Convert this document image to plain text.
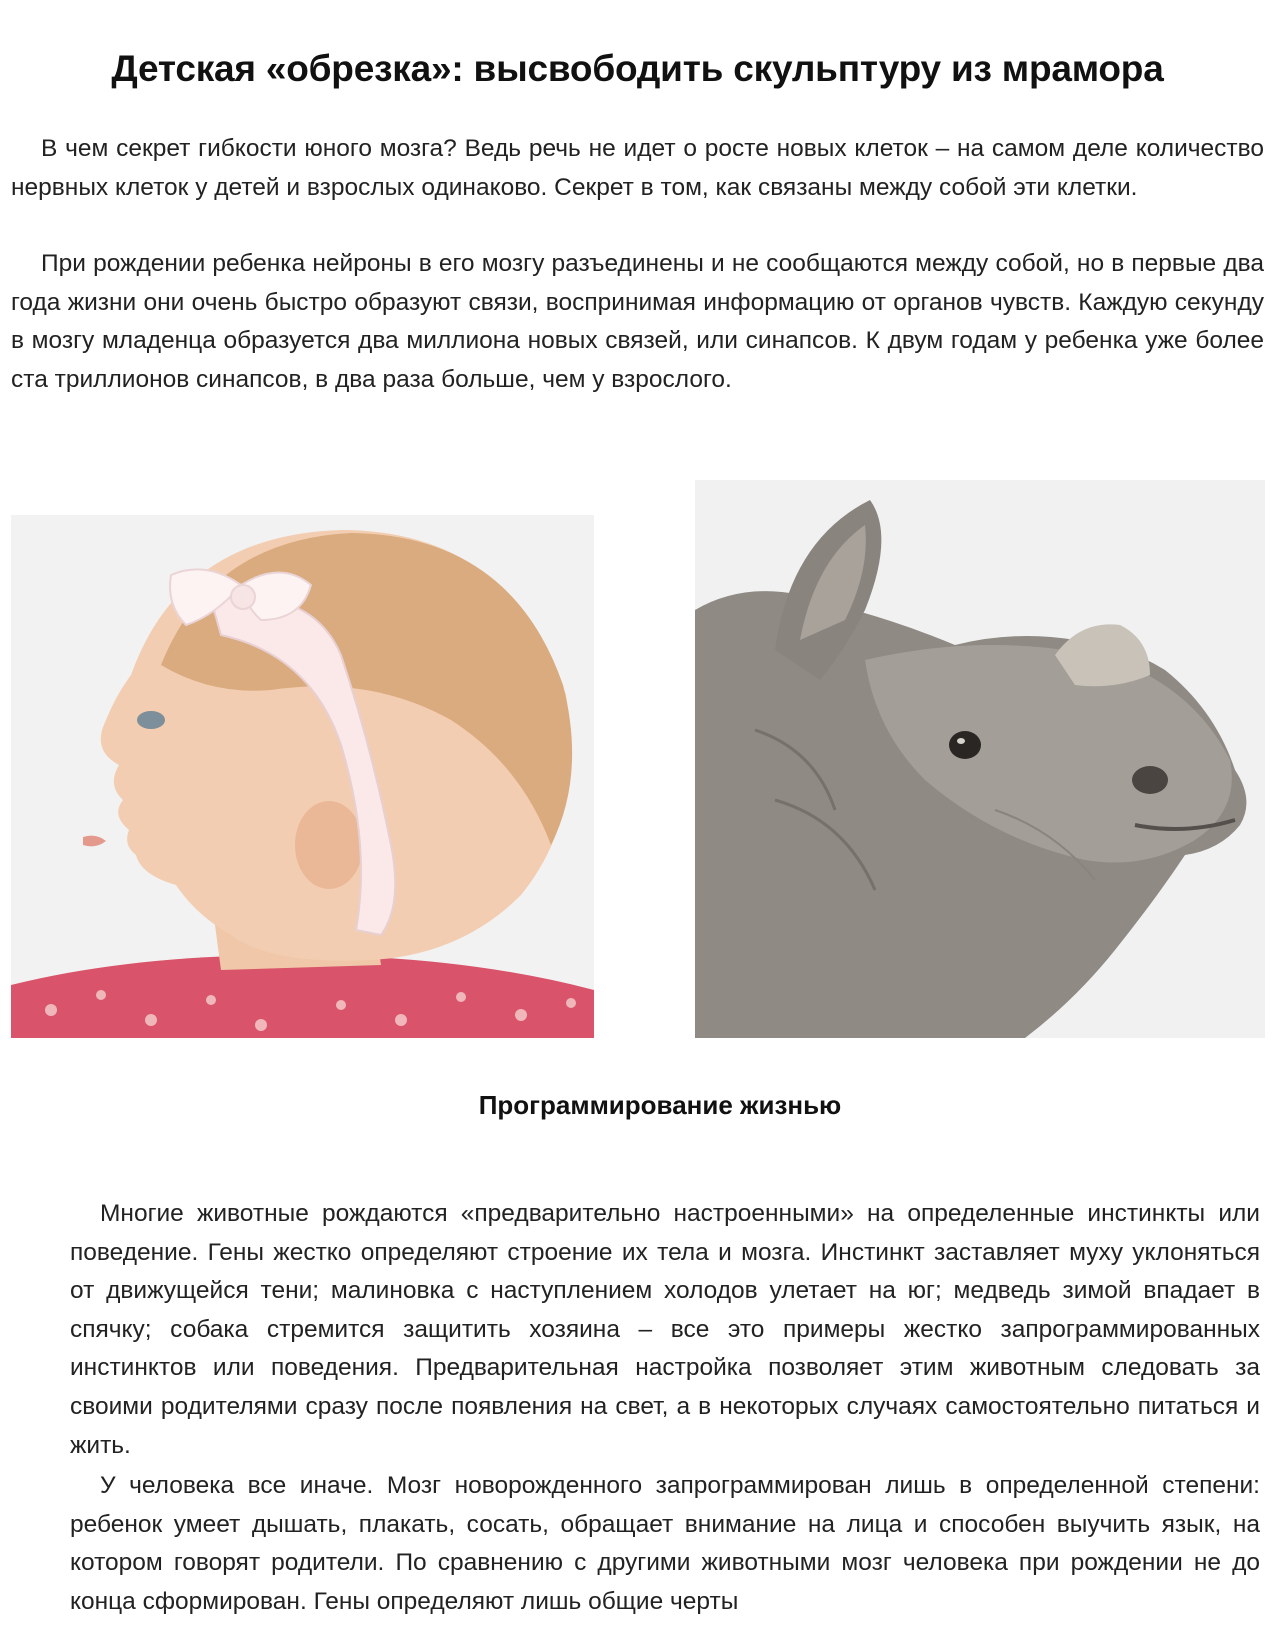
Детская «обрезка»: высвободить скульптуру из мрамора

В чем секрет гибкости юного мозга? Ведь речь не идет о росте новых клеток – на самом деле количество нервных клеток у детей и взрослых одинаково. Секрет в том, как связаны между собой эти клетки.

При рождении ребенка нейроны в его мозгу разъединены и не сообщаются между собой, но в первые два года жизни они очень быстро образуют связи, воспринимая информацию от органов чувств. Каждую секунду в мозгу младенца образуется два миллиона новых связей, или синапсов. К двум годам у ребенка уже более ста триллионов синапсов, в два раза больше, чем у взрослого.

Программирование жизнью

Многие животные рождаются «предварительно настроенными» на определенные инстинкты или поведение. Гены жестко определяют строение их тела и мозга. Инстинкт заставляет муху уклоняться от движущейся тени; малиновка с наступлением холодов улетает на юг; медведь зимой впадает в спячку; собака стремится защитить хозяина – все это примеры жестко запрограммированных инстинктов или поведения. Предварительная настройка позволяет этим животным следовать за своими родителями сразу после появления на свет, а в некоторых случаях самостоятельно питаться и жить.

У человека все иначе. Мозг новорожденного запрограммирован лишь в определенной степени: ребенок умеет дышать, плакать, сосать, обращает внимание на лица и способен выучить язык, на котором говорят родители. По сравнению с другими животными мозг человека при рождении не до конца сформирован. Гены определяют лишь общие черты
